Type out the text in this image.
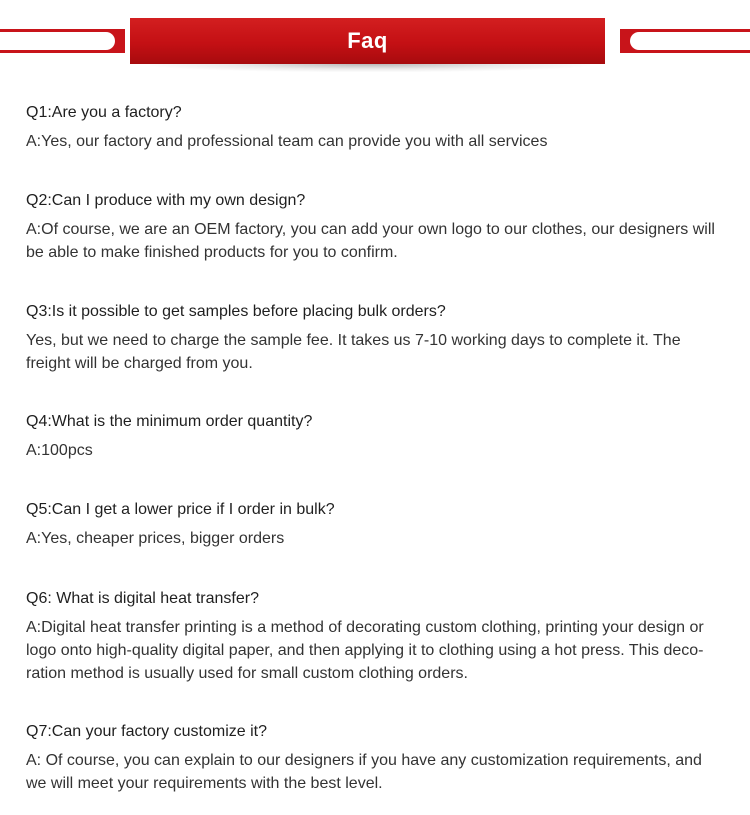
Faq

Q1:Are you a factory?

A:Yes, our factory and professional team can provide you with all services

Q2:Can I produce with my own design?

A:Of course, we are an OEM factory, you can add your own logo to our clothes, our designers will be able to make finished products for you to confirm.

Q3:Is it possible to get samples before placing bulk orders?

Yes, but we need to charge the sample fee. It takes us 7-10 working days to complete it. The freight will be charged from you.

Q4:What is the minimum order quantity?

A:100pcs

Q5:Can I get a lower price if I order in bulk?

A:Yes, cheaper prices, bigger orders

Q6: What is digital heat transfer?

A:Digital heat transfer printing is a method of decorating custom clothing, printing your design or logo onto high-quality digital paper, and then applying it to clothing using a hot press. This deco-ration method is usually used for small custom clothing orders.

Q7:Can your factory customize it?

A: Of course, you can explain to our designers if you have any customization requirements, and we will meet your requirements with the best level.
